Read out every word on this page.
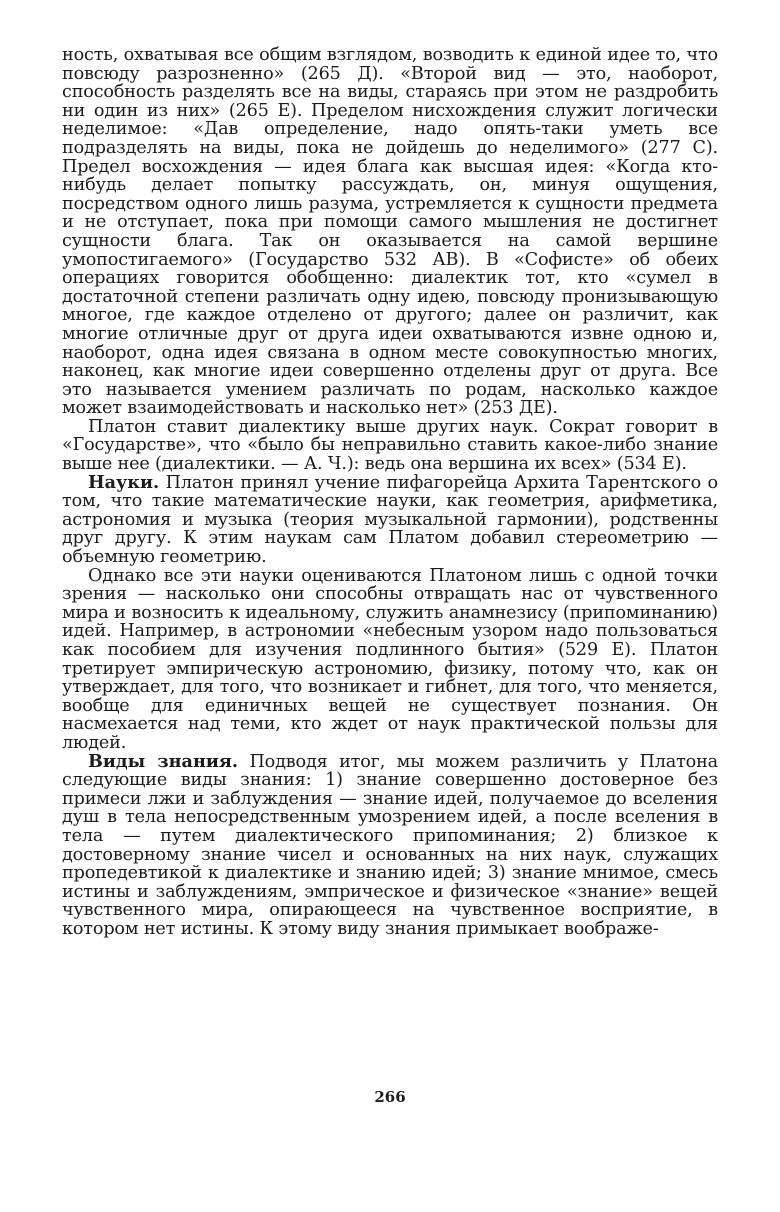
ность, охватывая все общим взглядом, возводить к единой идее то, что повсюду разрозненно» (265 Д). «Второй вид — это, наоборот, способность разделять все на виды, стараясь при этом не раздробить ни один из них» (265 Е). Пределом нисхождения служит логически неделимое: «Дав определение, надо опять-таки уметь все подразделять на виды, пока не дойдешь до неделимого» (277 С). Предел восхождения — идея блага как высшая идея: «Когда кто-нибудь делает попытку рассуждать, он, минуя ощущения, посредством одного лишь разума, устремляется к сущности предмета и не отступает, пока при помощи самого мышления не достигнет сущности блага. Так он оказывается на самой вершине умопостигаемого» (Государство 532 АВ). В «Софисте» об обеих операциях говорится обобщенно: диалектик тот, кто «сумел в достаточной степени различать одну идею, повсюду пронизывающую многое, где каждое отделено от другого; далее он различит, как многие отличные друг от друга идеи охватываются извне одною и, наоборот, одна идея связана в одном месте совокупностью многих, наконец, как многие идеи совершенно отделены друг от друга. Все это называется умением различать по родам, насколько каждое может взаимодействовать и насколько нет» (253 ДЕ).

Платон ставит диалектику выше других наук. Сократ говорит в «Государстве», что «было бы неправильно ставить какое-либо знание выше нее (диалектики. — А. Ч.): ведь она вершина их всех» (534 Е).

Науки. Платон принял учение пифагорейца Архита Тарентского о том, что такие математические науки, как геометрия, арифметика, астрономия и музыка (теория музыкальной гармонии), родственны друг другу. К этим наукам сам Платом добавил стереометрию — объемную геометрию.

Однако все эти науки оцениваются Платоном лишь с одной точки зрения — насколько они способны отвращать нас от чувственного мира и возносить к идеальному, служить анамнезису (припоминанию) идей. Например, в астрономии «небесным узором надо пользоваться как пособием для изучения подлинного бытия» (529 Е). Платон третирует эмпирическую астрономию, физику, потому что, как он утверждает, для того, что возникает и гибнет, для того, что меняется, вообще для единичных вещей не существует познания. Он насмехается над теми, кто ждет от наук практической пользы для людей.

Виды знания. Подводя итог, мы можем различить у Платона следующие виды знания: 1) знание совершенно достоверное без примеси лжи и заблуждения — знание идей, получаемое до вселения душ в тела непосредственным умозрением идей, а после вселения в тела — путем диалектического припоминания; 2) близкое к достоверному знание чисел и основанных на них наук, служащих пропедевтикой к диалектике и знанию идей; 3) знание мнимое, смесь истины и заблуждениям, эмприческое и физическое «знание» вещей чувственного мира, опирающееся на чувственное восприятие, в котором нет истины. К этому виду знания примыкает воображе-

266
